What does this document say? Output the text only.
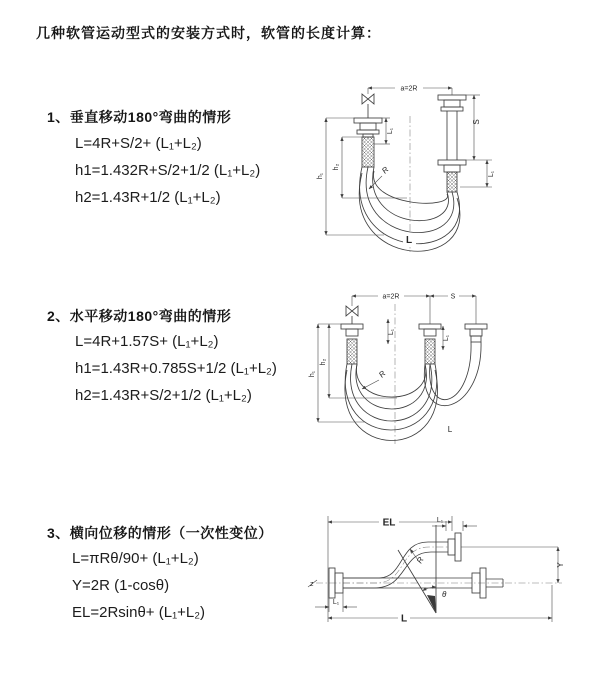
几种软管运动型式的安装方式时，软管的长度计算：
1、垂直移动180°弯曲的情形
L=4R+S/2+ (L₁+L₂)
h1=1.432R+S/2+1/2 (L₁+L₂)
h2=1.43R+1/2 (L₁+L₂)
2、水平移动180°弯曲的情形
L=4R+1.57S+ (L₁+L₂)
h1=1.43R+0.785S+1/2 (L₁+L₂)
h2=1.43R+S/2+1/2 (L₁+L₂)
3、横向位移的情形（一次性变位）
L=πRθ/90+ (L₁+L₂)
Y=2R (1-cosθ)
EL=2Rsinθ+ (L₁+L₂)
a=2R
S
L₁
L₁
h₁
h₂	R
L
a=2R	S
h₁
h₂
L₁
L₁
R
L
EL	L₁
Y
L
L₁
R
θ
z
